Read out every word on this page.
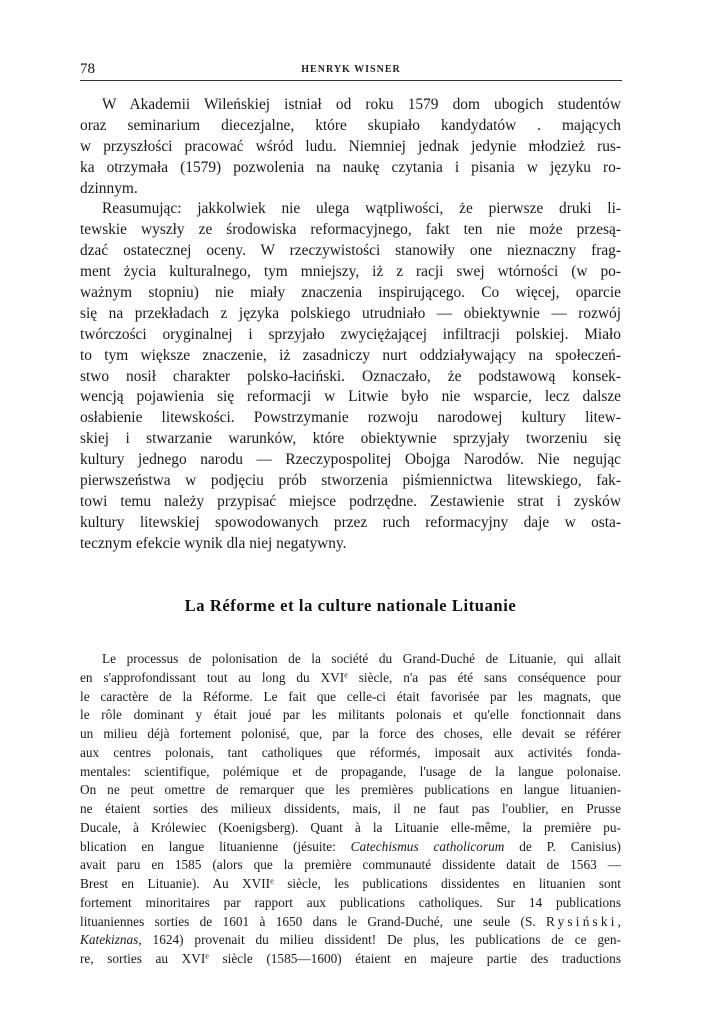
78	HENRYK WISNER
W Akademii Wileńskiej istniał od roku 1579 dom ubogich studentów
oraz seminarium diecezjalne, które skupiało kandydatów . mających
w przyszłości pracować wśród ludu. Niemniej jednak jedynie młodzież rus-
ka otrzymała (1579) pozwolenia na naukę czytania i pisania w języku ro-
dzinnym.
Reasumując: jakkolwiek nie ulega wątpliwości, że pierwsze druki li-
tewskie wyszły ze środowiska reformacyjnego, fakt ten nie może przesą-
dzać ostatecznej oceny. W rzeczywistości stanowiły one nieznaczny frag-
ment życia kulturalnego, tym mniejszy, iż z racji swej wtórności (w po-
ważnym stopniu) nie miały znaczenia inspirującego. Co więcej, oparcie
się na przekładach z języka polskiego utrudniało — obiektywnie — rozwój
twórczości oryginalnej i sprzyjało zwyciężającej infiltracji polskiej. Miało
to tym większe znaczenie, iż zasadniczy nurt oddziaływający na społeczeń-
stwo nosił charakter polsko-łaciński. Oznaczało, że podstawową konsek-
wencją pojawienia się reformacji w Litwie było nie wsparcie, lecz dalsze
osłabienie litewskości. Powstrzymanie rozwoju narodowej kultury litew-
skiej i stwarzanie warunków, które obiektywnie sprzyjały tworzeniu się
kultury jednego narodu — Rzeczypospolitej Obojga Narodów. Nie negując
pierwszeństwa w podjęciu prób stworzenia piśmiennictwa litewskiego, fak-
towi temu należy przypisać miejsce podrzędne. Zestawienie strat i zysków
kultury litewskiej spowodowanych przez ruch reformacyjny daje w osta-
tecznym efekcie wynik dla niej negatywny.
La Réforme et la culture nationale Lituanie
Le processus de polonisation de la société du Grand-Duché de Lituanie, qui allait
en s'approfondissant tout au long du XVIe siècle, n'a pas été sans conséquence pour
le caractère de la Réforme. Le fait que celle-ci était favorisée par les magnats, que
le rôle dominant y était joué par les militants polonais et qu'elle fonctionnait dans
un milieu déjà fortement polonisé, que, par la force des choses, elle devait se référer
aux centres polonais, tant catholiques que réformés, imposait aux activités fonda-
mentales: scientifique, polémique et de propagande, l'usage de la langue polonaise.
On ne peut omettre de remarquer que les premières publications en langue lituanien-
ne étaient sorties des milieux dissidents, mais, il ne faut pas l'oublier, en Prusse
Ducale, à Królewiec (Koenigsberg). Quant à la Lituanie elle-même, la première pu-
blication en langue lituanienne (jésuite: Catechismus catholicorum de P. Canisius)
avait paru en 1585 (alors que la première communauté dissidente datait de 1563 —
Brest en Lituanie). Au XVIIe siècle, les publications dissidentes en lituanien sont
fortement minoritaires par rapport aux publications catholiques. Sur 14 publications
lituaniennes sorties de 1601 à 1650 dans le Grand-Duché, une seule (S. Rysiński,
Katekiznas, 1624) provenait du milieu dissident! De plus, les publications de ce gen-
re, sorties au XVIe siècle (1585—1600) étaient en majeure partie des traductions
